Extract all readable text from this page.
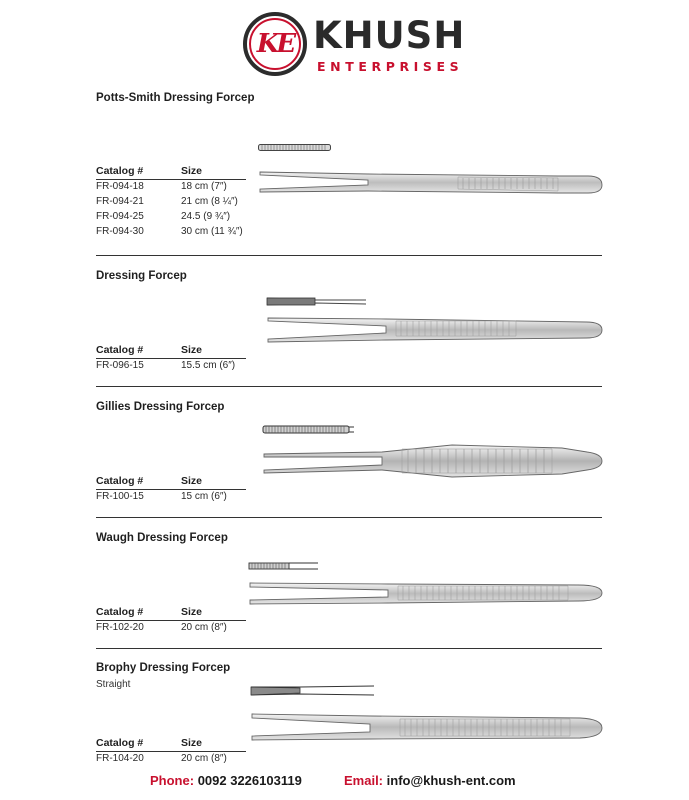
KE KHUSH
ENTERPRISES
Potts-Smith Dressing Forcep
Catalog #	Size
FR-094-18	18 cm (7″)
FR-094-21	21 cm (8 ¼″)
FR-094-25	24.5 (9 ¾″)
FR-094-30	30 cm (11 ¾″)
Dressing Forcep
Catalog #	Size
FR-096-15	15.5 cm (6″)
Gillies Dressing Forcep
Catalog #	Size
FR-100-15	15 cm (6″)
Waugh Dressing Forcep
Catalog #	Size
FR-102-20	20 cm (8″)
Brophy Dressing Forcep
Straight
Catalog #	Size
FR-104-20	20 cm (8″)
Phone: 0092 3226103119	Email: info@khush-ent.com
